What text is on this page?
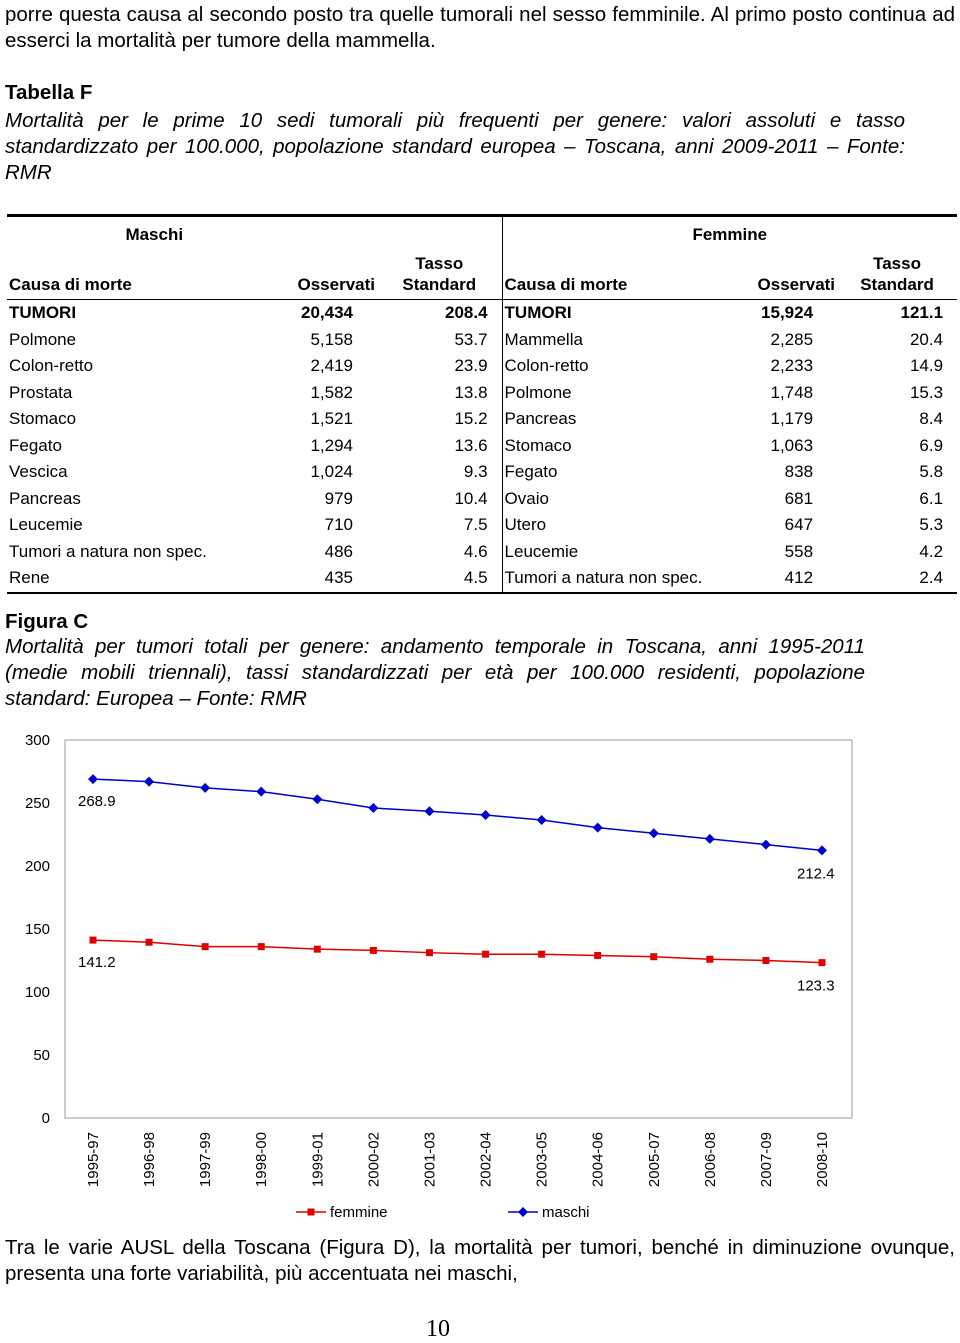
porre questa causa al secondo posto tra quelle tumorali nel sesso femminile. Al primo posto continua ad esserci la mortalità per tumore della mammella.
Tabella F
Mortalità per le prime 10 sedi tumorali più frequenti per genere: valori assoluti e tasso standardizzato per 100.000, popolazione standard europea – Toscana, anni 2009-2011 – Fonte: RMR
Maschi			Femmine		
Causa di morte	Osservati	Tasso Standard	Causa di morte	Osservati	Tasso Standard
TUMORI	20,434	208.4	TUMORI	15,924	121.1
Polmone	5,158	53.7	Mammella	2,285	20.4
Colon-retto	2,419	23.9	Colon-retto	2,233	14.9
Prostata	1,582	13.8	Polmone	1,748	15.3
Stomaco	1,521	15.2	Pancreas	1,179	8.4
Fegato	1,294	13.6	Stomaco	1,063	6.9
Vescica	1,024	9.3	Fegato	838	5.8
Pancreas	979	10.4	Ovaio	681	6.1
Leucemie	710	7.5	Utero	647	5.3
Tumori a natura non spec.	486	4.6	Leucemie	558	4.2
Rene	435	4.5	Tumori a natura non spec.	412	2.4
Figura C
Mortalità per tumori totali per genere: andamento temporale in Toscana, anni 1995-2011 (medie mobili triennali), tassi standardizzati per età per 100.000 residenti, popolazione standard: Europea – Fonte: RMR
0
50
100
150
200
250
300
1995-97	1996-98	1997-99	1998-00	1999-01	2000-02	2001-03	2002-04	2003-05	2004-06	2005-07	2006-08	2007-09	2008-10
268.9
212.4
141.2
123.3
femmine	maschi
Tra le varie AUSL della Toscana (Figura D), la mortalità per tumori, benché in diminuzione ovunque, presenta una forte variabilità, più accentuata nei maschi,
10
